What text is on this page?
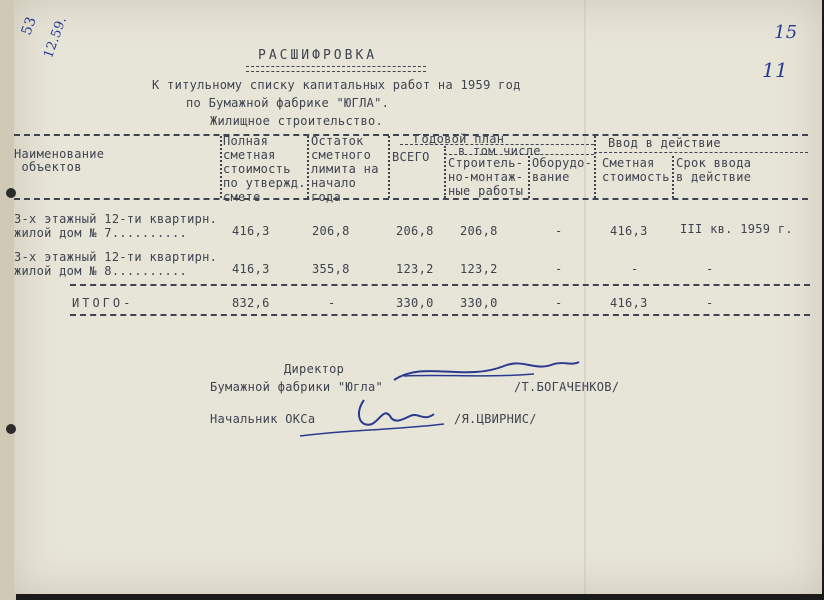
53 12.59.	15
11
РАСШИФРОВКА
К титульному списку капитальных работ на 1959 год
по Бумажной фабрике "ЮГЛА".
Жилищное строительство.
Наименование
объектов
Полная
сметная
стоимость
по утвержд.
смете
Остаток
сметного
лимита на
начало
года
Годовой план
ВСЕГО в том числе
Строитель-
но-монтаж-
ные работы
Оборудо-
вание
Ввод в действие
Сметная
стоимость
Срок ввода
в действие
3-х этажный 12-ти квартирн.
жилой дом № 7..........	416,3	206,8	206,8 206,8	-	416,3	III кв. 1959 г.
3-х этажный 12-ти квартирн.
жилой дом № 8..........	416,3	355,8	123,2 123,2	-	-	-
ИТОГО-	832,6	-	330,0 330,0	-	416,3	-
Директор
Бумажной фабрики "Югла"	/Т.БОГАЧЕНКОВ/
Начальник ОКСа	/Я.ЦВИРНИС/
